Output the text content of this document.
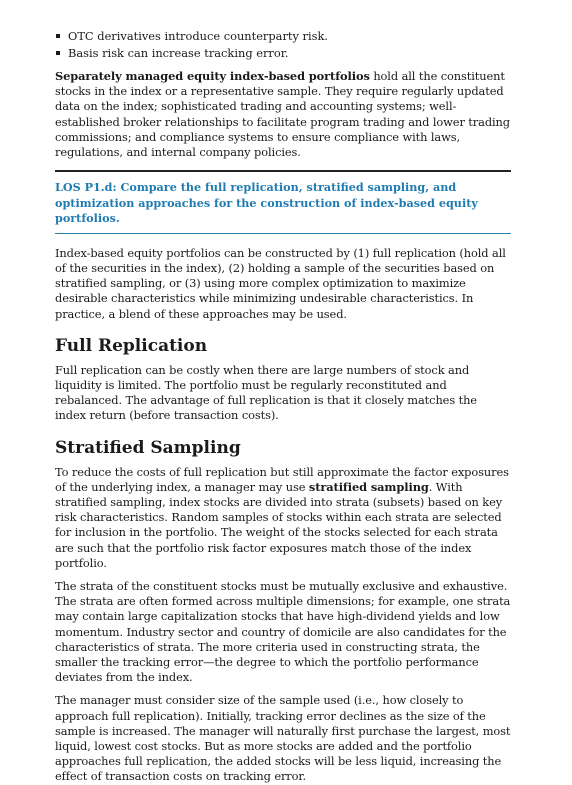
OTC derivatives introduce counterparty risk.
Basis risk can increase tracking error.

Separately managed equity index-based portfolios hold all the constituent stocks in the index or a representative sample. They require regularly updated data on the index; sophisticated trading and accounting systems; well-established broker relationships to facilitate program trading and lower trading commissions; and compliance systems to ensure compliance with laws, regulations, and internal company policies.

LOS P1.d: Compare the full replication, stratified sampling, and optimization approaches for the construction of index-based equity portfolios.

Index-based equity portfolios can be constructed by (1) full replication (hold all of the securities in the index), (2) holding a sample of the securities based on stratified sampling, or (3) using more complex optimization to maximize desirable characteristics while minimizing undesirable characteristics. In practice, a blend of these approaches may be used.

Full Replication

Full replication can be costly when there are large numbers of stock and liquidity is limited. The portfolio must be regularly reconstituted and rebalanced. The advantage of full replication is that it closely matches the index return (before transaction costs).

Stratified Sampling

To reduce the costs of full replication but still approximate the factor exposures of the underlying index, a manager may use stratified sampling. With stratified sampling, index stocks are divided into strata (subsets) based on key risk characteristics. Random samples of stocks within each strata are selected for inclusion in the portfolio. The weight of the stocks selected for each strata are such that the portfolio risk factor exposures match those of the index portfolio.

The strata of the constituent stocks must be mutually exclusive and exhaustive. The strata are often formed across multiple dimensions; for example, one strata may contain large capitalization stocks that have high-dividend yields and low momentum. Industry sector and country of domicile are also candidates for the characteristics of strata. The more criteria used in constructing strata, the smaller the tracking error—the degree to which the portfolio performance deviates from the index.

The manager must consider size of the sample used (i.e., how closely to approach full replication). Initially, tracking error declines as the size of the sample is increased. The manager will naturally first purchase the largest, most liquid, lowest cost stocks. But as more stocks are added and the portfolio approaches full replication, the added stocks will be less liquid, increasing the effect of transaction costs on tracking error.
